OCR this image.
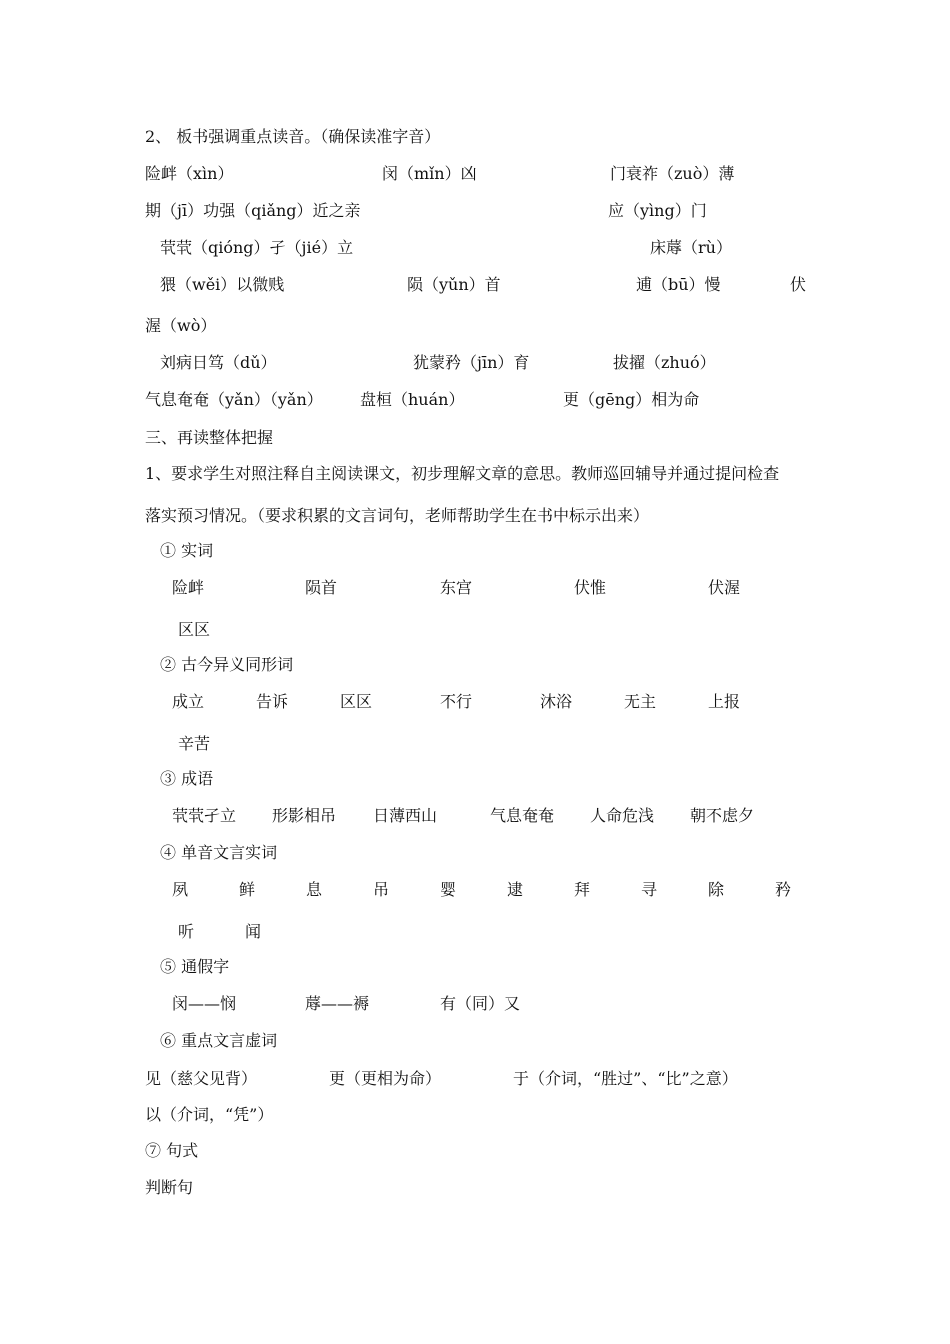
2、 板书强调重点读音。（确保读准字音）
险衅（xìn）	闵（mǐn）凶	门衰祚（zuò）薄
期（jī）功强（qiǎng）近之亲	应（yìng）门
茕茕（qióng）孑（jié）立	床蓐（rù）
猥（wěi）以微贱	陨（yǔn）首	逋（bū）慢	伏
渥（wò）
刘病日笃（dǔ）	犹蒙矜（jīn）育	拔擢（zhuó）
气息奄奄（yǎn）（yǎn） 盘桓（huán）	更（gēng）相为命
三、再读整体把握
1、要求学生对照注释自主阅读课文，初步理解文章的意思。教师巡回辅导并通过提问检查
落实预习情况。（要求积累的文言词句，老师帮助学生在书中标示出来）
① 实词
险衅	陨首	东宫	伏惟	伏渥
区区
② 古今异义同形词
成立	告诉	区区	不行	沐浴	无主	上报
辛苦
③ 成语
茕茕孑立 形影相吊 日薄西山	气息奄奄 人命危浅 朝不虑夕
④ 单音文言实词
夙	鲜	息	吊	婴	逮	拜	寻	除	矜
听	闻
⑤ 通假字
闵——悯	蓐——褥	有（同）又
⑥ 重点文言虚词
见（慈父见背）	更（更相为命）	于（介词，“胜过”、“比”之意）
以（介词，“凭”）
⑦ 句式
判断句
